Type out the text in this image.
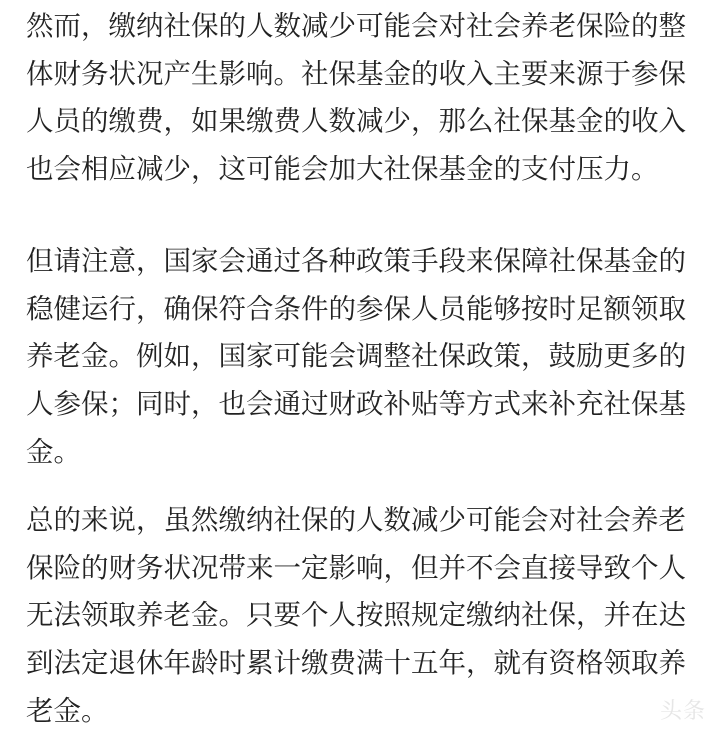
然而，缴纳社保的人数减少可能会对社会养老保险的整
体财务状况产生影响。社保基金的收入主要来源于参保
人员的缴费，如果缴费人数减少，那么社保基金的收入
也会相应减少，这可能会加大社保基金的支付压力。

但请注意，国家会通过各种政策手段来保障社保基金的
稳健运行，确保符合条件的参保人员能够按时足额领取
养老金。例如，国家可能会调整社保政策，鼓励更多的
人参保；同时，也会通过财政补贴等方式来补充社保基
金。

总的来说，虽然缴纳社保的人数减少可能会对社会养老
保险的财务状况带来一定影响，但并不会直接导致个人
无法领取养老金。只要个人按照规定缴纳社保，并在达
到法定退休年龄时累计缴费满十五年，就有资格领取养
老金。	头条
